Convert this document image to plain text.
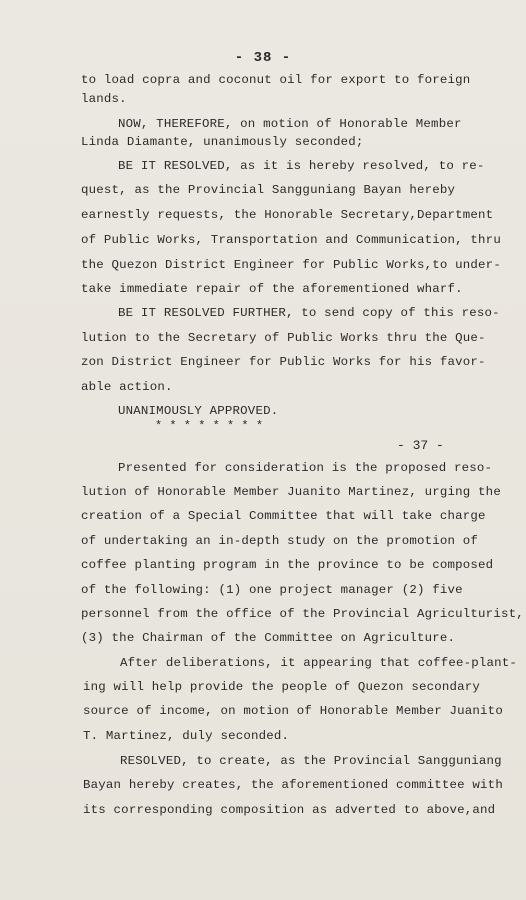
- 38 -
to load copra and coconut oil for export to foreign
lands.
NOW, THEREFORE, on motion of Honorable Member
Linda Diamante, unanimously seconded;
BE IT RESOLVED, as it is hereby resolved, to re-
quest, as the Provincial Sangguniang Bayan hereby
earnestly requests, the Honorable Secretary,Department
of Public Works, Transportation and Communication, thru
the Quezon District Engineer for Public Works,to under-
take immediate repair of the aforementioned wharf.
BE IT RESOLVED FURTHER, to send copy of this reso-
lution to the Secretary of Public Works thru the Que-
zon District Engineer for Public Works for his favor-
able action.
UNANIMOUSLY APPROVED.
* * * * * * * *
- 37 -
Presented for consideration is the proposed reso-
lution of Honorable Member Juanito Martinez, urging the
creation of a Special Committee that will take charge
of undertaking an in-depth study on the promotion of
coffee planting program in the province to be composed
of the following: (1) one project manager (2) five
personnel from the office of the Provincial Agriculturist,
(3) the Chairman of the Committee on Agriculture.
After deliberations, it appearing that coffee-plant-
ing will help provide the people of Quezon secondary
source of income, on motion of Honorable Member Juanito
T. Martinez, duly seconded.
RESOLVED, to create, as the Provincial Sangguniang
Bayan hereby creates, the aforementioned committee with
its corresponding composition as adverted to above,and
